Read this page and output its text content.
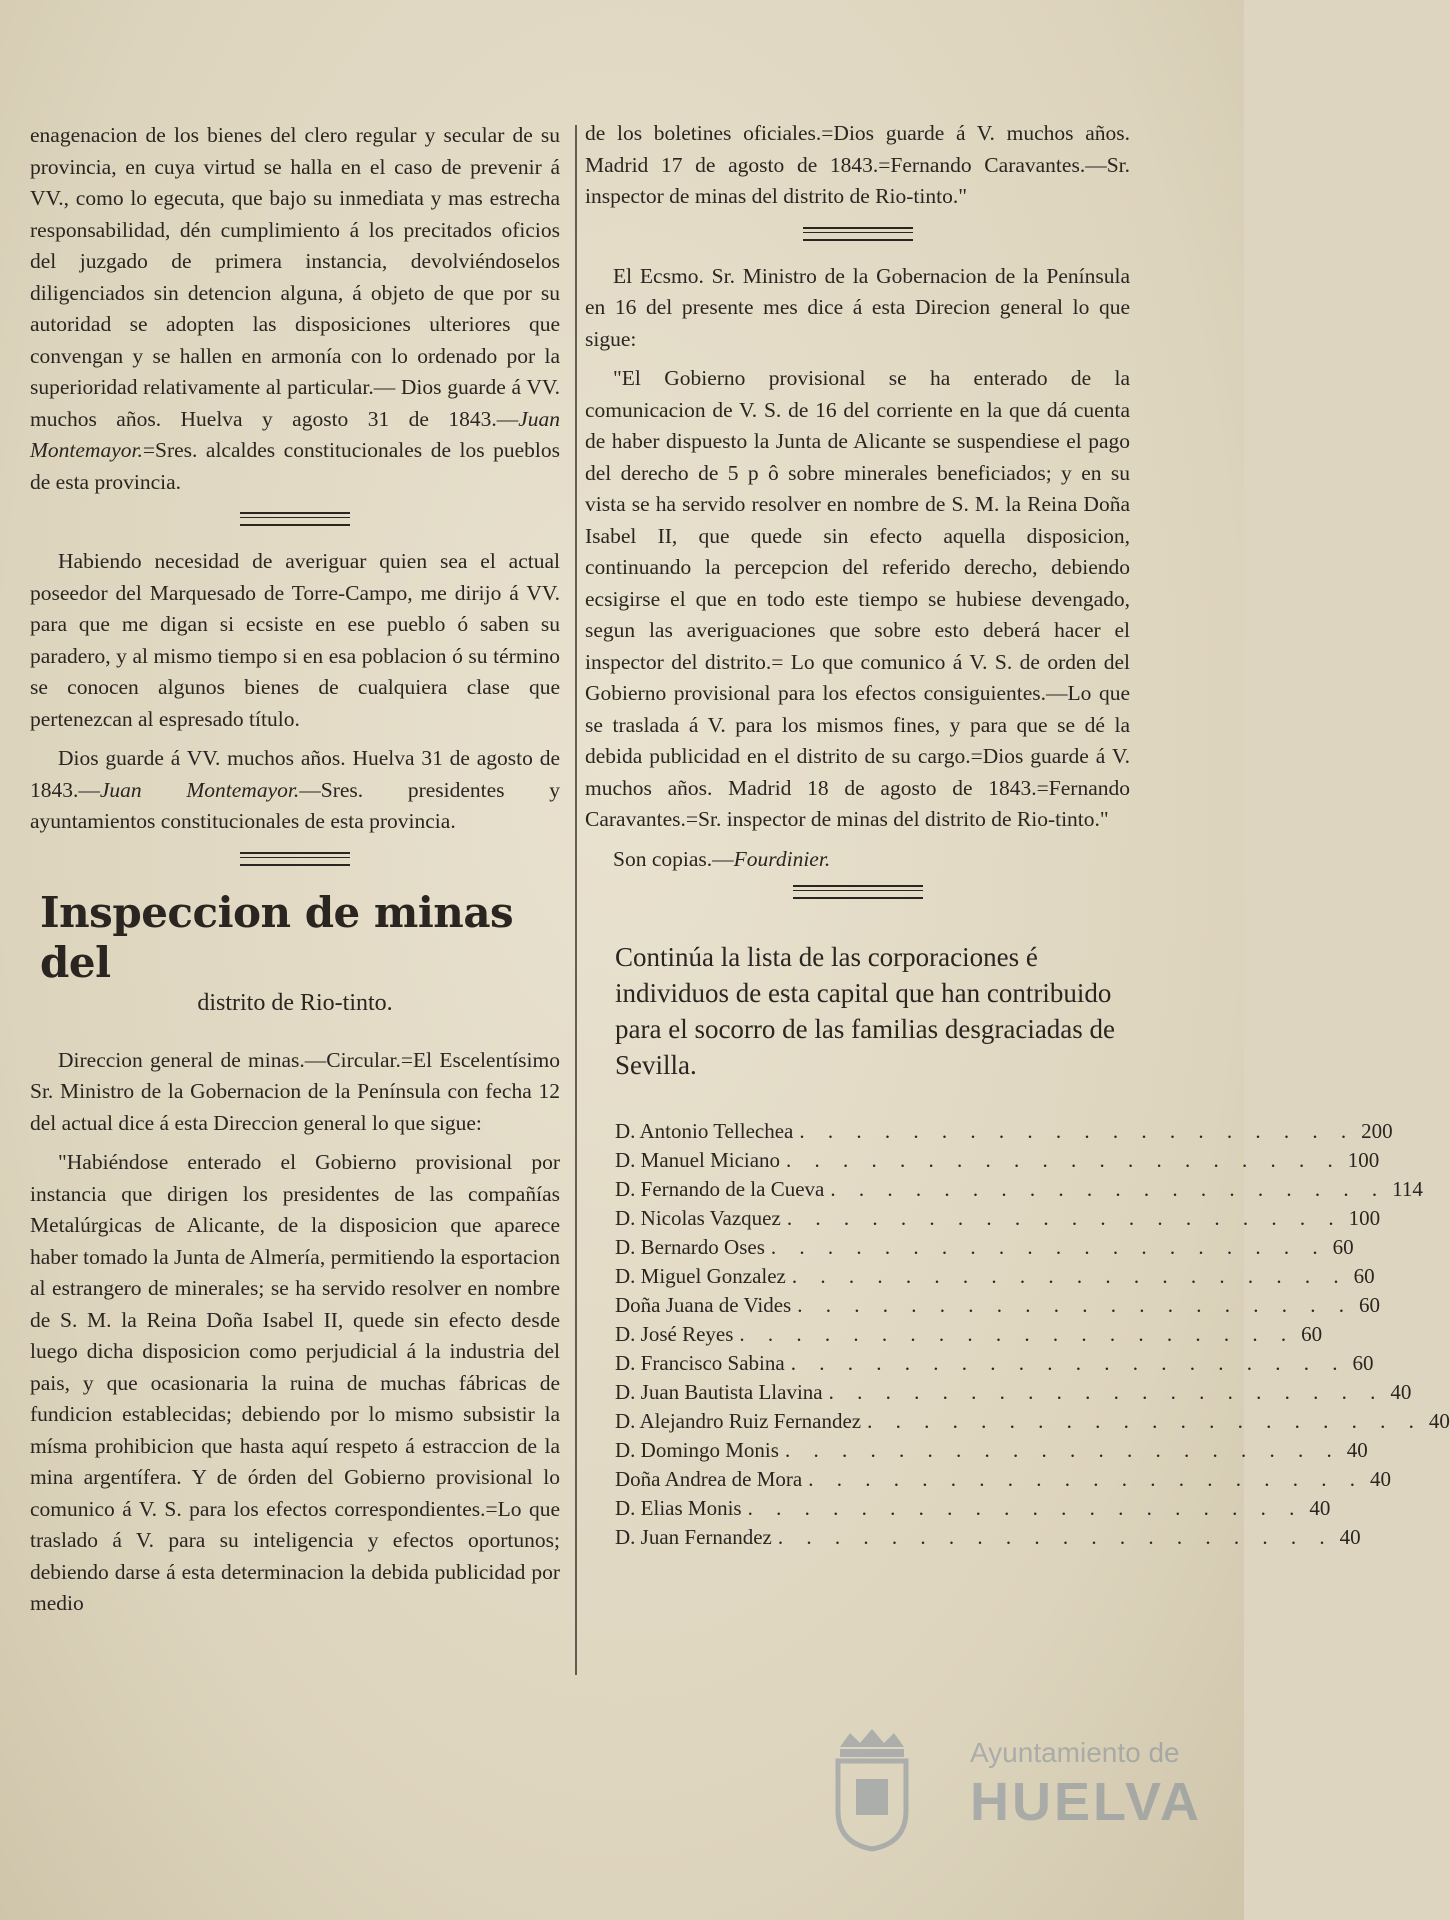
enagenacion de los bienes del clero regular y secular de su provincia, en cuya virtud se halla en el caso de prevenir á VV., como lo egecuta, que bajo su inmediata y mas estrecha responsabilidad, dén cumplimiento á los precitados oficios del juzgado de primera instancia, devolviéndoselos diligenciados sin detencion alguna, á objeto de que por su autoridad se adopten las disposiciones ulteriores que convengan y se hallen en armonía con lo ordenado por la superioridad relativamente al particular.— Dios guarde á VV. muchos años. Huelva y agosto 31 de 1843.—Juan Montemayor.=Sres. alcaldes constitucionales de los pueblos de esta provincia.

Habiendo necesidad de averiguar quien sea el actual poseedor del Marquesado de Torre-Campo, me dirijo á VV. para que me digan si ecsiste en ese pueblo ó saben su paradero, y al mismo tiempo si en esa poblacion ó su término se conocen algunos bienes de cualquiera clase que pertenezcan al espresado título.

Dios guarde á VV. muchos años. Huelva 31 de agosto de 1843.—Juan Montemayor.—Sres. presidentes y ayuntamientos constitucionales de esta provincia.

Inspeccion de minas del
distrito de Rio-tinto.

Direccion general de minas.—Circular.=El Escelentísimo Sr. Ministro de la Gobernacion de la Península con fecha 12 del actual dice á esta Direccion general lo que sigue:

"Habiéndose enterado el Gobierno provisional por instancia que dirigen los presidentes de las compañías Metalúrgicas de Alicante, de la disposicion que aparece haber tomado la Junta de Almería, permitiendo la esportacion al estrangero de minerales; se ha servido resolver en nombre de S. M. la Reina Doña Isabel II, quede sin efecto desde luego dicha disposicion como perjudicial á la industria del pais, y que ocasionaria la ruina de muchas fábricas de fundicion establecidas; debiendo por lo mismo subsistir la mísma prohibicion que hasta aquí respeto á estraccion de la mina argentífera. Y de órden del Gobierno provisional lo comunico á V. S. para los efectos correspondientes.=Lo que traslado á V. para su inteligencia y efectos oportunos; debiendo darse á esta determinacion la debida publicidad por medio

de los boletines oficiales.=Dios guarde á V. muchos años. Madrid 17 de agosto de 1843.=Fernando Caravantes.—Sr. inspector de minas del distrito de Rio-tinto."

El Ecsmo. Sr. Ministro de la Gobernacion de la Península en 16 del presente mes dice á esta Direcion general lo que sigue:

"El Gobierno provisional se ha enterado de la comunicacion de V. S. de 16 del corriente en la que dá cuenta de haber dispuesto la Junta de Alicante se suspendiese el pago del derecho de 5 p ô sobre minerales beneficiados; y en su vista se ha servido resolver en nombre de S. M. la Reina Doña Isabel II, que quede sin efecto aquella disposicion, continuando la percepcion del referido derecho, debiendo ecsigirse el que en todo este tiempo se hubiese devengado, segun las averiguaciones que sobre esto deberá hacer el inspector del distrito.= Lo que comunico á V. S. de orden del Gobierno provisional para los efectos consiguientes.—Lo que se traslada á V. para los mismos fines, y para que se dé la debida publicidad en el distrito de su cargo.=Dios guarde á V. muchos años. Madrid 18 de agosto de 1843.=Fernando Caravantes.=Sr. inspector de minas del distrito de Rio-tinto."

Son copias.—Fourdinier.

Continúa la lista de las corporaciones é individuos de esta capital que han contribuido para el socorro de las familias desgraciadas de Sevilla.

D. Antonio Tellechea . . . . . . . . . . . . . . . . . . . . 200
D. Manuel Miciano . . . . . . . . . . . . . . . . . . . . 100
D. Fernando de la Cueva . . . . . . . . . . . . . . . . . . . . 114
D. Nicolas Vazquez . . . . . . . . . . . . . . . . . . . . 100
D. Bernardo Oses . . . . . . . . . . . . . . . . . . . . 60
D. Miguel Gonzalez . . . . . . . . . . . . . . . . . . . . 60
Doña Juana de Vides . . . . . . . . . . . . . . . . . . . . 60
D. José Reyes . . . . . . . . . . . . . . . . . . . . 60
D. Francisco Sabina . . . . . . . . . . . . . . . . . . . . 60
D. Juan Bautista Llavina . . . . . . . . . . . . . . . . . . . . 40
D. Alejandro Ruiz Fernandez . . . . . . . . . . . . . . . . . . . . 40
D. Domingo Monis . . . . . . . . . . . . . . . . . . . . 40
Doña Andrea de Mora . . . . . . . . . . . . . . . . . . . . 40
D. Elias Monis . . . . . . . . . . . . . . . . . . . . 40
D. Juan Fernandez . . . . . . . . . . . . . . . . . . . . 40
Ayuntamiento de
HUELVA
